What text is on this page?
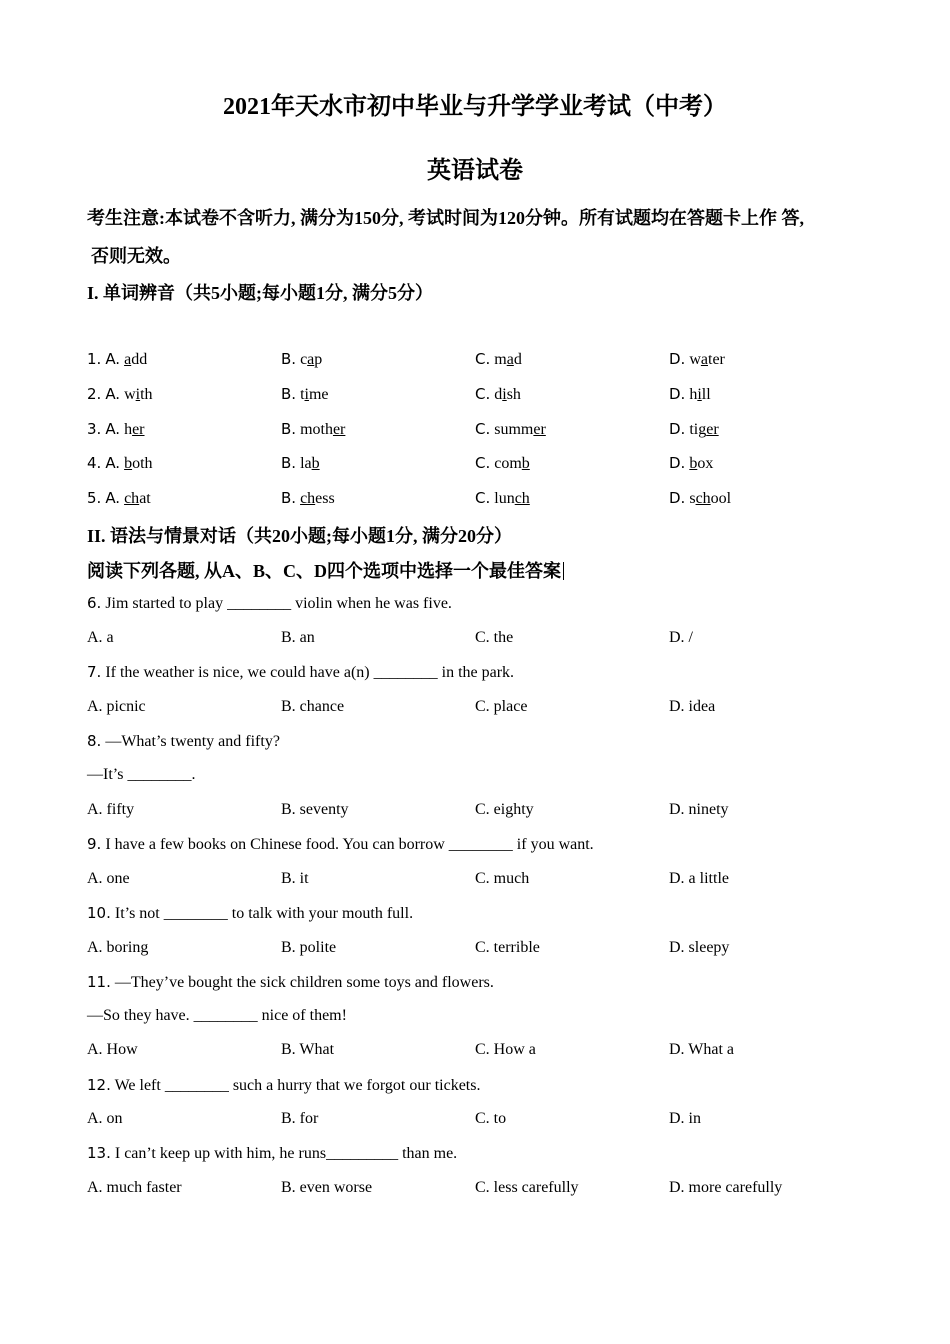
2021年天水市初中毕业与升学学业考试（中考）
英语试卷
考生注意:本试卷不含听力, 满分为150分, 考试时间为120分钟。所有试题均在答题卡上作 答,
否则无效。
I. 单词辨音（共5小题;每小题1分, 满分5分）
1. A. add	B. cap	C. mad	D. water
2. A. with	B. time	C. dish	D. hill
3. A. her	B. mother	C. summer	D. tiger
4. A. both	B. lab	C. comb	D. box
5. A. chat	B. chess	C. lunch	D. school
II. 语法与情景对话（共20小题;每小题1分, 满分20分）
阅读下列各题, 从A、B、C、D四个选项中选择一个最佳答案
6. Jim started to play ________ violin when he was five.
A. a	B. an	C. the	D. /
7. If the weather is nice, we could have a(n) ________ in the park.
A. picnic	B. chance	C. place	D. idea
8. —What’s twenty and fifty?
—It’s ________.
A. fifty	B. seventy	C. eighty	D. ninety
9. I have a few books on Chinese food. You can borrow ________ if you want.
A. one	B. it	C. much	D. a little
10. It’s not ________ to talk with your mouth full.
A. boring	B. polite	C. terrible	D. sleepy
11. —They’ve bought the sick children some toys and flowers.
—So they have. ________ nice of them!
A. How	B. What	C. How a	D. What a
12. We left ________ such a hurry that we forgot our tickets.
A. on	B. for	C. to	D. in
13. I can’t keep up with him, he runs_________ than me.
A. much faster	B. even worse	C. less carefully	D. more carefully
